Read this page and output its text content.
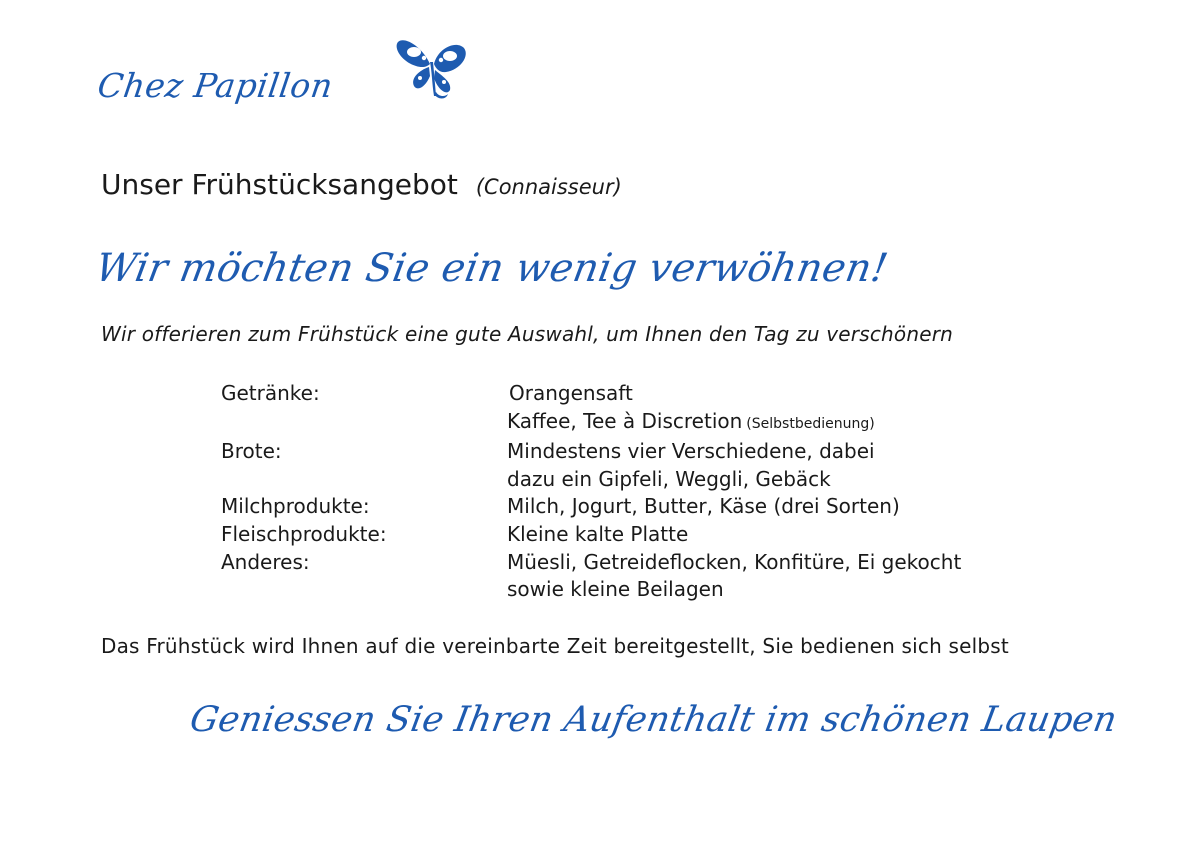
Chez Papillon
Unser Frühstücksangebot (Connaisseur)
Wir möchten Sie ein wenig verwöhnen!
Wir offerieren zum Frühstück eine gute Auswahl, um Ihnen den Tag zu verschönern
Getränke:	Orangensaft
Kaffee, Tee à Discretion (Selbstbedienung)
Brote:	Mindestens vier Verschiedene, dabei
dazu ein Gipfeli, Weggli, Gebäck
Milchprodukte:	Milch, Jogurt, Butter, Käse (drei Sorten)
Fleischprodukte:	Kleine kalte Platte
Anderes:	Müesli, Getreideflocken, Konfitüre, Ei gekocht
sowie kleine Beilagen
Das Frühstück wird Ihnen auf die vereinbarte Zeit bereitgestellt, Sie bedienen sich selbst
Geniessen Sie Ihren Aufenthalt im schönen Laupen
